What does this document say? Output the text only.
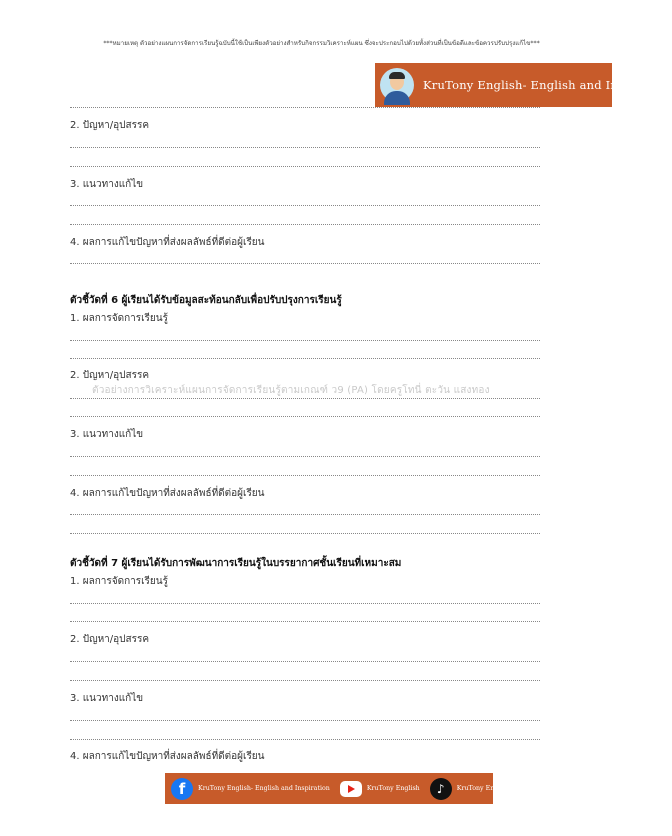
***หมายเหตุ ตัวอย่างแผนการจัดการเรียนรู้ฉบับนี้ใช้เป็นเพียงตัวอย่างสำหรับกิจกรรมวิเคราะห์แผน ซึ่งจะประกอบไปด้วยทั้งส่วนที่เป็นข้อดีและข้อควรปรับปรุงแก้ไข***
KruTony English- English and Inspiration
2. ปัญหา/อุปสรรค
3. แนวทางแก้ไข
4. ผลการแก้ไขปัญหาที่ส่งผลลัพธ์ที่ดีต่อผู้เรียน
ตัวชี้วัดที่ 6 ผู้เรียนได้รับข้อมูลสะท้อนกลับเพื่อปรับปรุงการเรียนรู้
1. ผลการจัดการเรียนรู้
2. ปัญหา/อุปสรรค
ตัวอย่างการวิเคราะห์แผนการจัดการเรียนรู้ตามเกณฑ์ ว9 (PA) โดยครูโทนี่ ตะวัน แสงทอง
3. แนวทางแก้ไข
4. ผลการแก้ไขปัญหาที่ส่งผลลัพธ์ที่ดีต่อผู้เรียน
ตัวชี้วัดที่ 7 ผู้เรียนได้รับการพัฒนาการเรียนรู้ในบรรยากาศชั้นเรียนที่เหมาะสม
1. ผลการจัดการเรียนรู้
2. ปัญหา/อุปสรรค
3. แนวทางแก้ไข
4. ผลการแก้ไขปัญหาที่ส่งผลลัพธ์ที่ดีต่อผู้เรียน
f	KruTony English- English and Inspiration	KruTony English	♪	KruTony English
